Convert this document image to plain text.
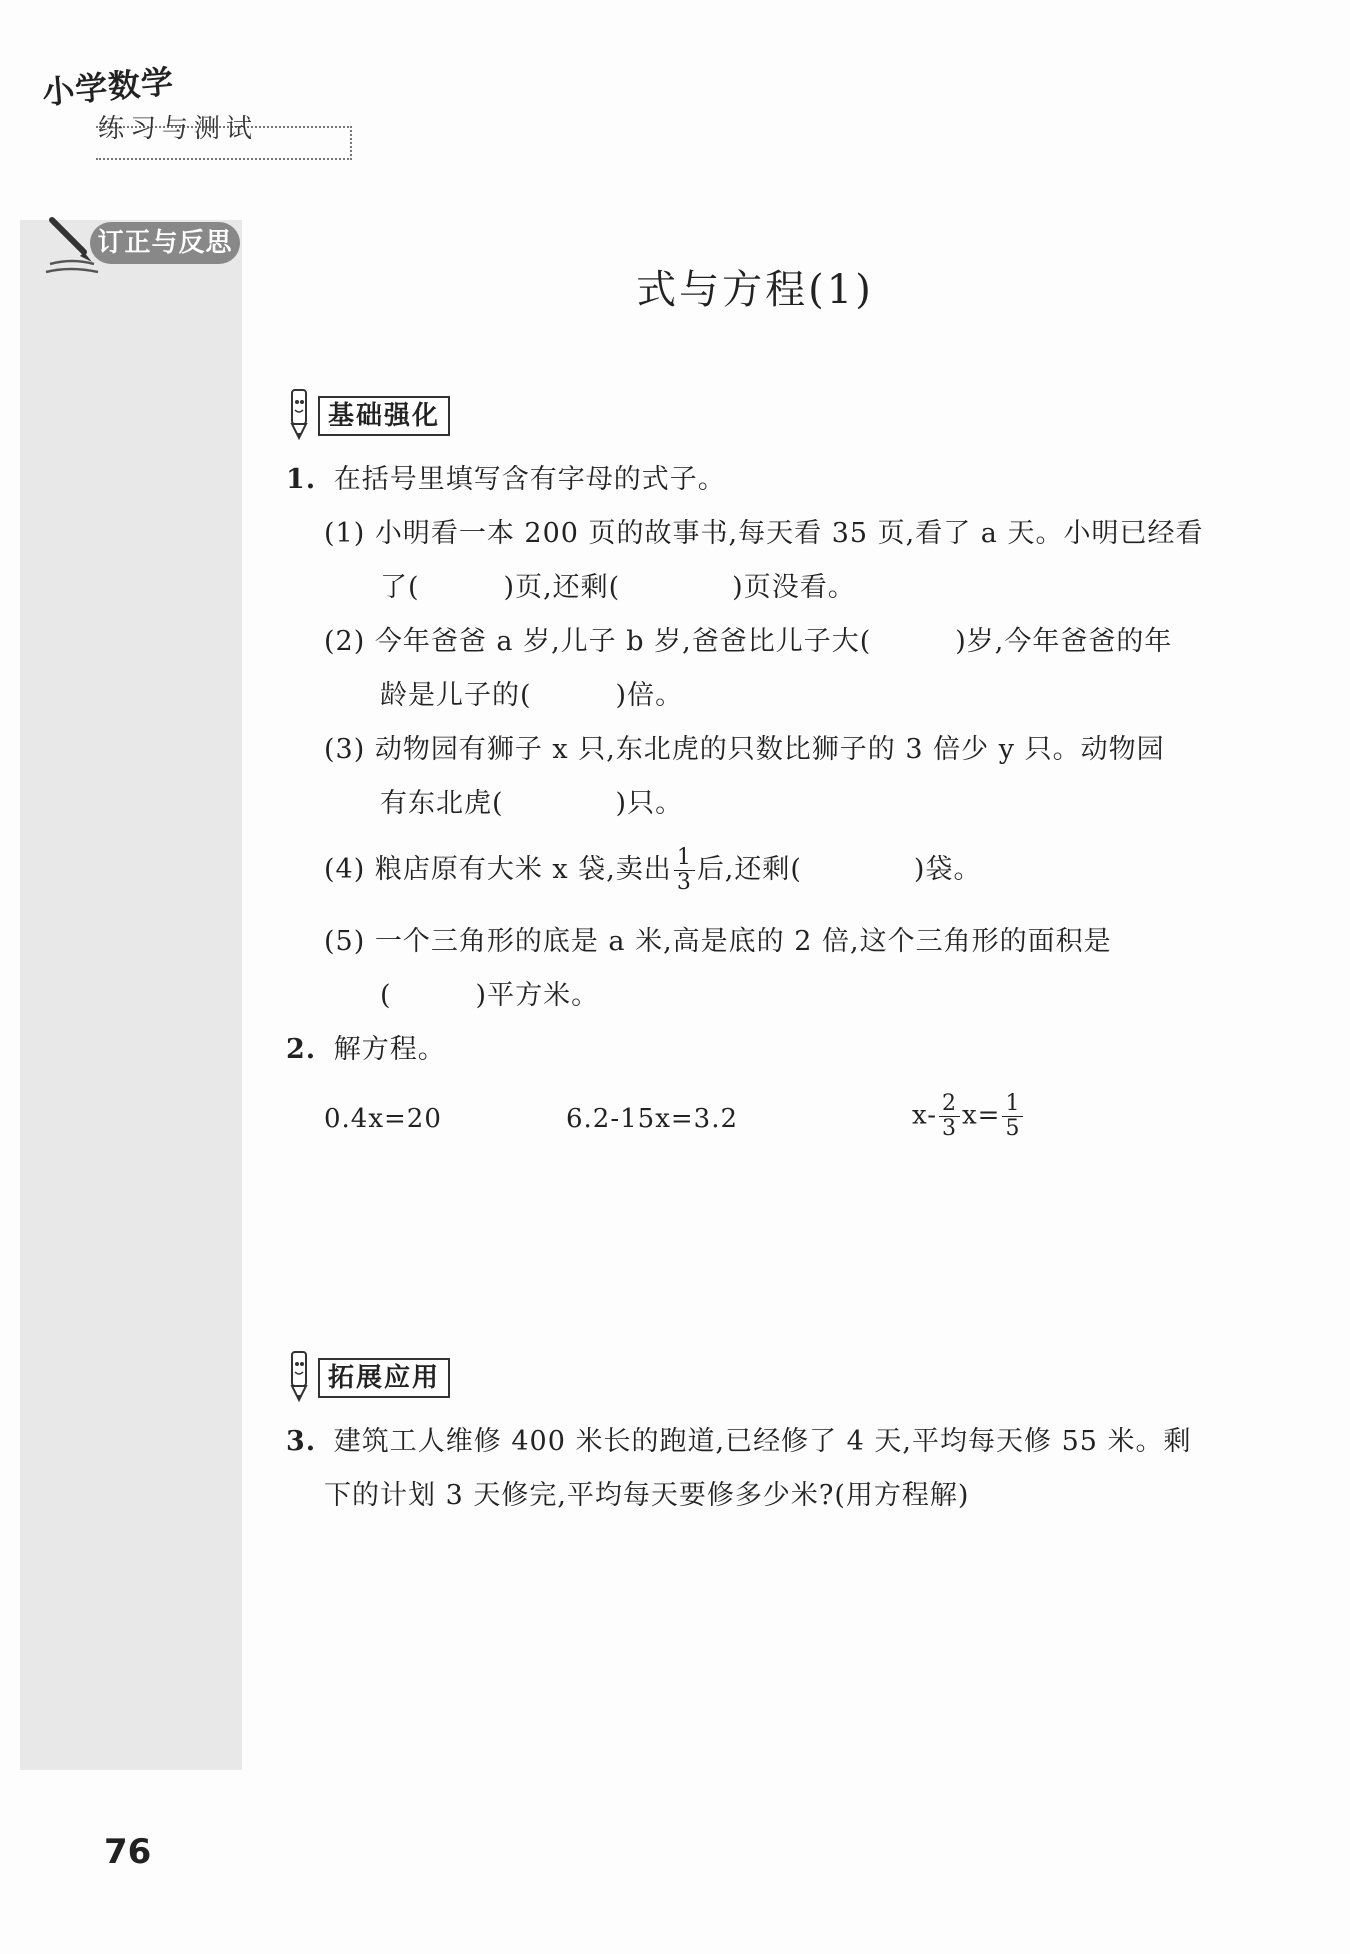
小学数学
练习与测试
订正与反思
式与方程(1)
基础强化
1. 在括号里填写含有字母的式子。
(1) 小明看一本 200 页的故事书,每天看 35 页,看了 a 天。小明已经看
了(　　　)页,还剩(　　　　)页没看。
(2) 今年爸爸 a 岁,儿子 b 岁,爸爸比儿子大(　　　)岁,今年爸爸的年
龄是儿子的(　　　)倍。
(3) 动物园有狮子 x 只,东北虎的只数比狮子的 3 倍少 y 只。动物园
有东北虎(　　　　)只。
(4) 粮店原有大米 x 袋,卖出 $\frac{1}{3}$ 后,还剩(　　　　)袋。
(5) 一个三角形的底是 a 米,高是底的 2 倍,这个三角形的面积是
(　　　)平方米。
2. 解方程。
0.4x=20	6.2-15x=3.2	$x- \frac{2}{3} x= \frac{1}{5}$
拓展应用
3. 建筑工人维修 400 米长的跑道,已经修了 4 天,平均每天修 55 米。剩
下的计划 3 天修完,平均每天要修多少米?(用方程解)
76
